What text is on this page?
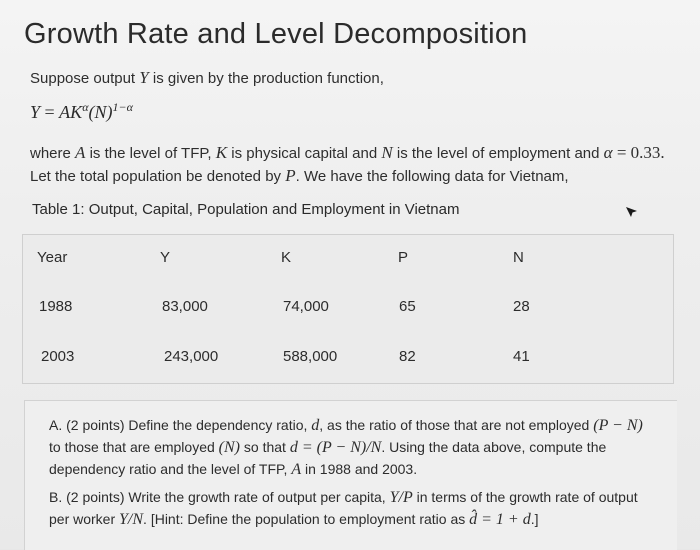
Growth Rate and Level Decomposition
Suppose output Y is given by the production function,
$Y = AK^\alpha(N)^{1-\alpha}$
where A is the level of TFP, K is physical capital and N is the level of employment and α = 0.33.
Let the total population be denoted by P. We have the following data for Vietnam,
Table 1: Output, Capital, Population and Employment in Vietnam
Year	Y	K	P	N
1988	83,000	74,000	65	28
2003	243,000	588,000	82	41
A. (2 points) Define the dependency ratio, d, as the ratio of those that are not employed (P − N)
to those that are employed (N) so that d = (P − N)/N. Using the data above, compute the
dependency ratio and the level of TFP, A in 1988 and 2003.
B. (2 points) Write the growth rate of output per capita, Y/P in terms of the growth rate of output
per worker Y/N. [Hint: Define the population to employment ratio as d̂ = 1 + d.]
